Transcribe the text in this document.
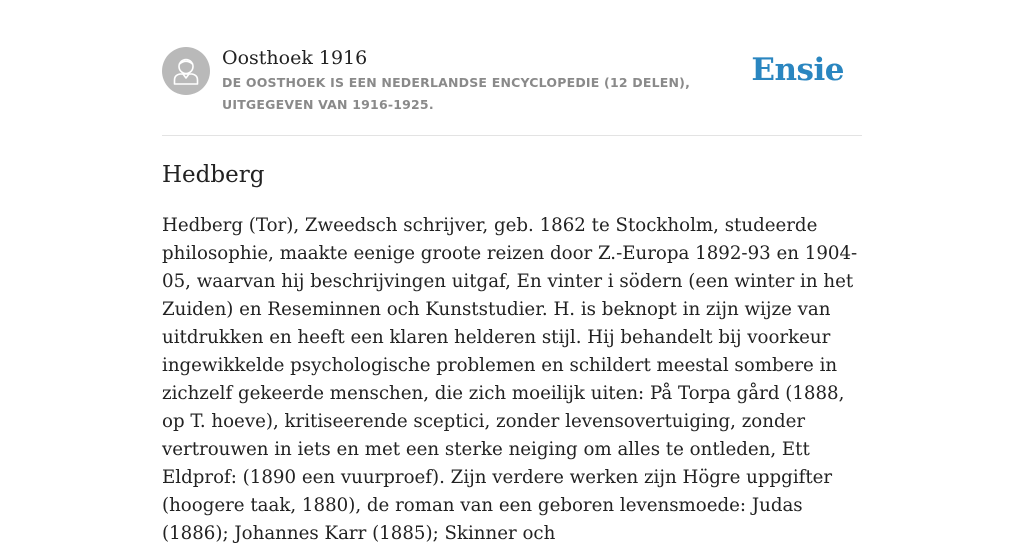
Oosthoek 1916
DE OOSTHOEK IS EEN NEDERLANDSE ENCYCLOPEDIE (12 DELEN), UITGEGEVEN VAN 1916-1925.
Ensie
Hedberg

Hedberg (Tor), Zweedsch schrijver, geb. 1862 te Stockholm, studeerde philosophie, maakte eenige groote reizen door Z.-Europa 1892-93 en 1904-05, waarvan hij beschrijvingen uitgaf, En vinter i södern (een winter in het Zuiden) en Reseminnen och Kunststudier. H. is beknopt in zijn wijze van uitdrukken en heeft een klaren helderen stijl. Hij behandelt bij voorkeur ingewikkelde psychologische problemen en schildert meestal sombere in zichzelf gekeerde menschen, die zich moeilijk uiten: På Torpa gård (1888, op T. hoeve), kritiseerende sceptici, zonder levensovertuiging, zonder vertrouwen in iets en met een sterke neiging om alles te ontleden, Ett Eldprof: (1890 een vuurproef). Zijn verdere werken zijn Högre uppgifter (hoogere taak, 1880), de roman van een geboren levensmoede: Judas (1886); Johannes Karr (1885); Skinner och
